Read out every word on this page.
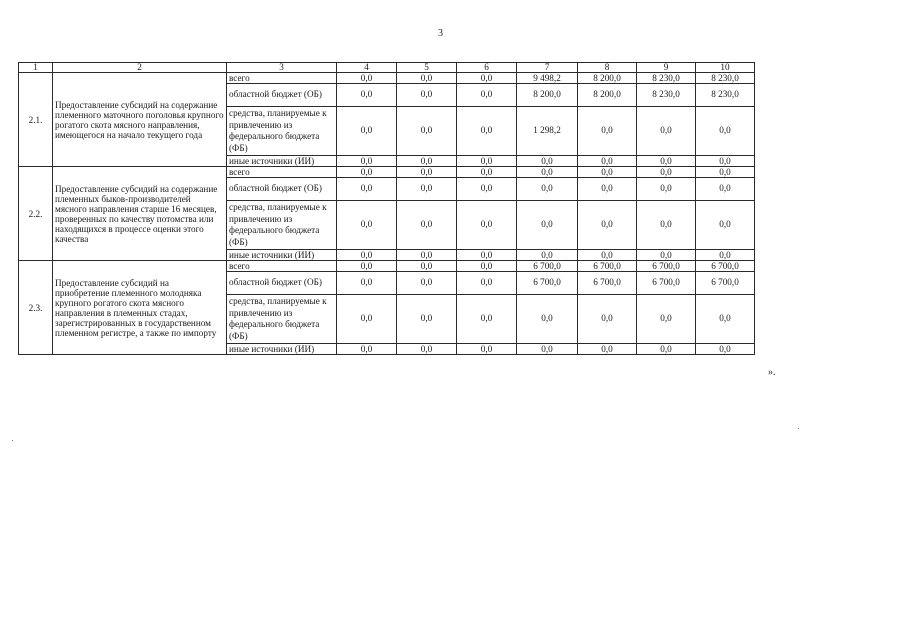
3
1	2	3	4	5	6	7	8	9	10
2.1.	Предоставление субсидий на содержание племенного маточного поголовья крупного рогатого скота мясного направления, имеющегося на начало текущего года	всего	0,0	0,0	0,0	9 498,2	8 200,0	8 230,0	8 230,0
		областной бюджет (ОБ)	0,0	0,0	0,0	8 200,0	8 200,0	8 230,0	8 230,0
		средства, планируемые к привлечению из федерального бюджета (ФБ)	0,0	0,0	0,0	1 298,2	0,0	0,0	0,0
		иные источники (ИИ)	0,0	0,0	0,0	0,0	0,0	0,0	0,0
2.2.	Предоставление субсидий на содержание племенных быков-производителей мясного направления старше 16 месяцев, проверенных по качеству потомства или находящихся в процессе оценки этого качества	всего	0,0	0,0	0,0	0,0	0,0	0,0	0,0
		областной бюджет (ОБ)	0,0	0,0	0,0	0,0	0,0	0,0	0,0
		средства, планируемые к привлечению из федерального бюджета (ФБ)	0,0	0,0	0,0	0,0	0,0	0,0	0,0
		иные источники (ИИ)	0,0	0,0	0,0	0,0	0,0	0,0	0,0
2.3.	Предоставление субсидий на приобретение племенного молодняка крупного рогатого скота мясного направления в племенных стадах, зарегистрированных в государственном племенном регистре, а также по импорту	всего	0,0	0,0	0,0	6 700,0	6 700,0	6 700,0	6 700,0
		областной бюджет (ОБ)	0,0	0,0	0,0	6 700,0	6 700,0	6 700,0	6 700,0
		средства, планируемые к привлечению из федерального бюджета (ФБ)	0,0	0,0	0,0	0,0	0,0	0,0	0,0
		иные источники (ИИ)	0,0	0,0	0,0	0,0	0,0	0,0	0,0
».
